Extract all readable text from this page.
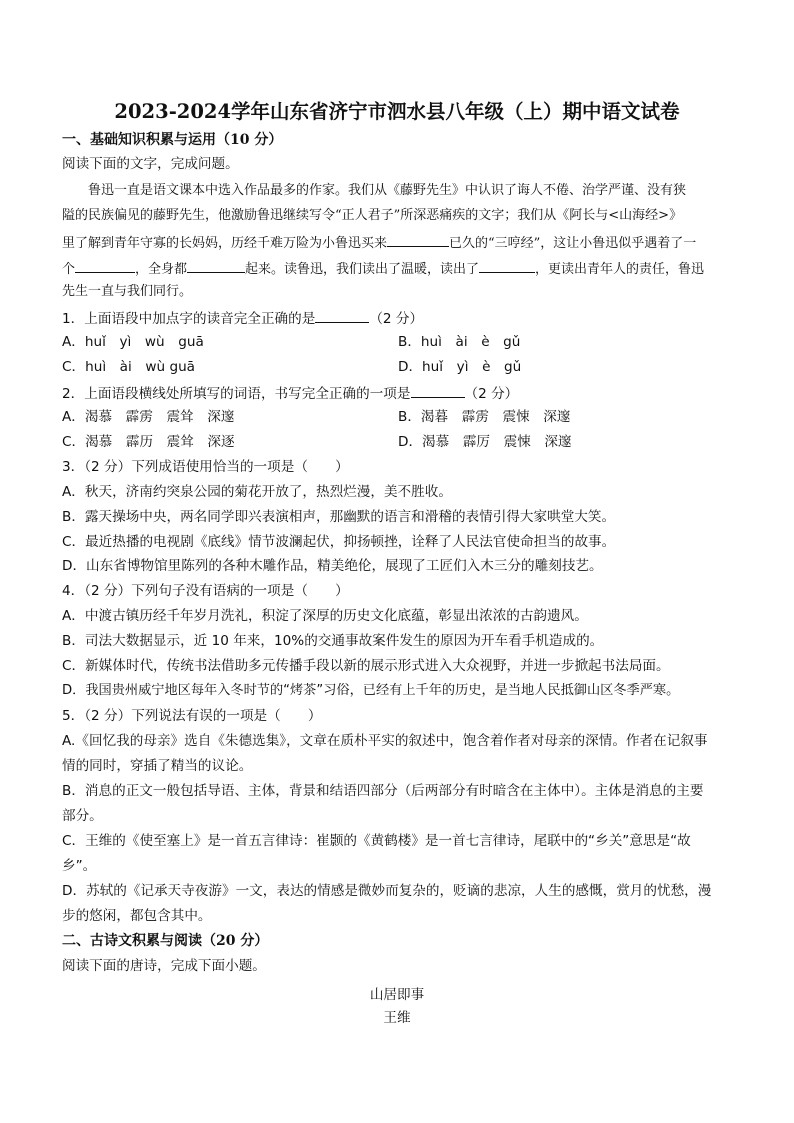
2023-2024学年山东省济宁市泗水县八年级（上）期中语文试卷
一、基础知识积累与运用（10 分）
阅读下面的文字，完成问题。
鲁迅一直是语文课本中选入作品最多的作家。我们从《藤野先生》中认识了诲人不倦、治学严谨、没有狭
隘的民族偏见的藤野先生，他激励鲁迅继续写令“正人君子”所深恶痛疾的文字；我们从《阿长与<山海经>》
里了解到青年守寡的长妈妈，历经千难万险为小鲁迅买来	已久的“三哼经”，这让小鲁迅似乎遇着了一
个	，全身都	起来。读鲁迅，我们读出了温暖，读出了	，更读出青年人的责任，鲁迅
先生一直与我们同行。
1．上面语段中加点字的读音完全正确的是	（2 分）
A．huǐ　yì　wù　guā	B．huì　ài　è　gǔ
C．huì　ài　wù guā	D．huǐ　yì　è　gǔ
2．上面语段横线处所填写的词语，书写完全正确的一项是	（2 分）
A．渴慕　霹雳　震耸　深邃	B．渴暮　霹雳　震悚　深邃
C．渴慕　霹历　震耸　深逐	D．渴慕　霹厉　震悚　深邃
3．（2 分）下列成语使用恰当的一项是（　　）
A．秋天，济南约突泉公园的菊花开放了，热烈烂漫，美不胜收。
B．露天操场中央，两名同学即兴表演相声，那幽默的语言和滑稽的表情引得大家哄堂大笑。
C．最近热播的电视剧《底线》情节波澜起伏，抑扬顿挫，诠释了人民法官使命担当的故事。
D．山东省博物馆里陈列的各种木雕作品，精美绝伦，展现了工匠们入木三分的雕刻技艺。
4．（2 分）下列句子没有语病的一项是（　　）
A．中渡古镇历经千年岁月洗礼，积淀了深厚的历史文化底蕴，彰显出浓浓的古韵遗风。
B．司法大数据显示，近 10 年来，10%的交通事故案件发生的原因为开车看手机造成的。
C．新媒体时代，传统书法借助多元传播手段以新的展示形式进入大众视野，并进一步掀起书法局面。
D．我国贵州威宁地区每年入冬时节的“烤茶”习俗，已经有上千年的历史，是当地人民抵御山区冬季严寒。
5．（2 分）下列说法有误的一项是（　　）
A.《回忆我的母亲》选自《朱德选集》，文章在质朴平实的叙述中，饱含着作者对母亲的深情。作者在记叙事
情的同时，穿插了精当的议论。
B．消息的正文一般包括导语、主体，背景和结语四部分（后两部分有时暗含在主体中）。主体是消息的主要
部分。
C．王维的《使至塞上》是一首五言律诗：崔颢的《黄鹤楼》是一首七言律诗，尾联中的“乡关”意思是“故
乡”。
D．苏轼的《记承天寺夜游》一文，表达的情感是微妙而复杂的，贬谪的悲凉，人生的感慨，赏月的忧愁，漫
步的悠闲，都包含其中。
二、古诗文积累与阅读（20 分）
阅读下面的唐诗，完成下面小题。
山居即事
王维
